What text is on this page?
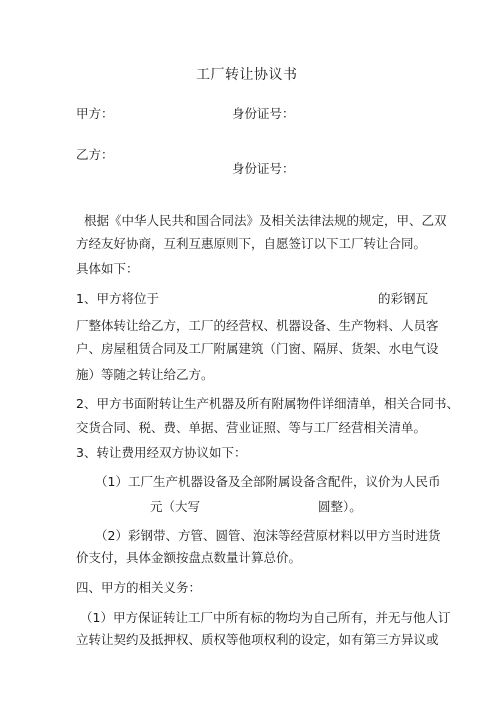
工厂转让协议书
甲方：	身份证号：
乙方：
身份证号：
根据《中华人民共和国合同法》及相关法律法规的规定，甲、乙双
方经友好协商，互利互惠原则下，自愿签订以下工厂转让合同。
具体如下：
1、甲方将位于	的彩钢瓦
厂整体转让给乙方，工厂的经营权、机器设备、生产物料、人员客
户、房屋租赁合同及工厂附属建筑（门窗、隔屏、货架、水电气设
施）等随之转让给乙方。
2、甲方书面附转让生产机器及所有附属物件详细清单，相关合同书、
交货合同、税、费、单据、营业证照、等与工厂经营相关清单。
3、转让费用经双方协议如下：
（1）工厂生产机器设备及全部附属设备含配件，议价为人民币
元（大写	圆整）。
（2）彩钢带、方管、圆管、泡沫等经营原材料以甲方当时进货
价支付，具体金额按盘点数量计算总价。
四、甲方的相关义务：
（1）甲方保证转让工厂中所有标的物均为自己所有，并无与他人订
立转让契约及抵押权、质权等他项权利的设定，如有第三方异议或
